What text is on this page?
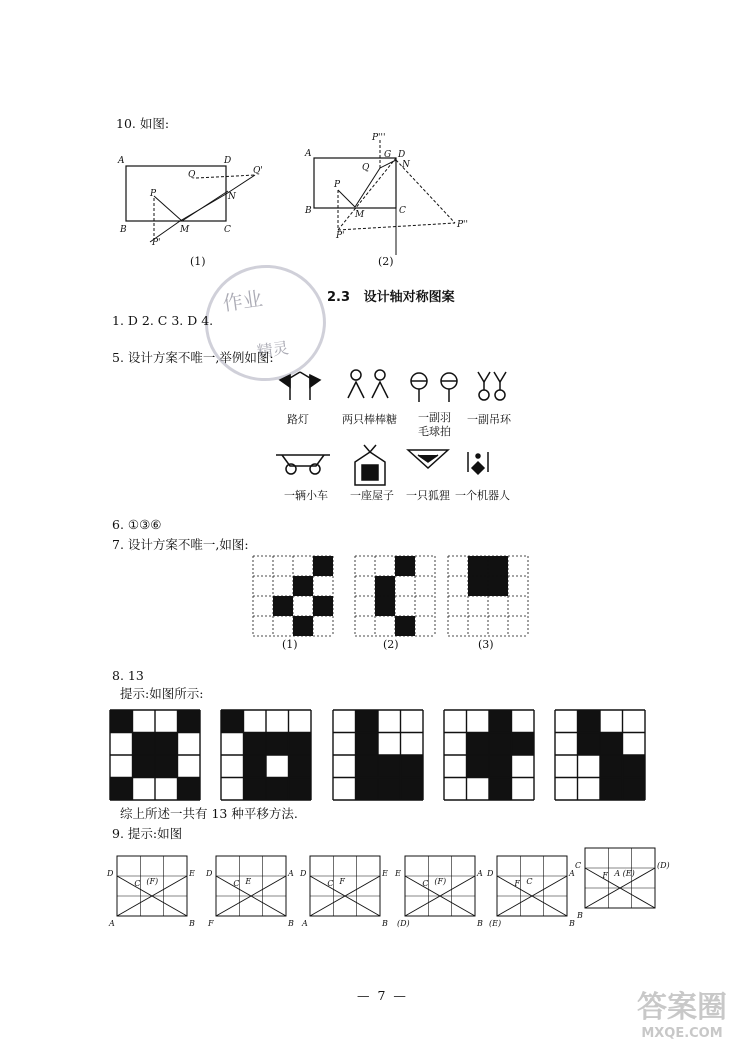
10. 如图:
A	D
Q'
Q
N
P
B	M	C
P'
(1)
P'''
A
Q
G D
N
P
B	M	C
P'
P''
(2)
作业
精灵
2.3 设计轴对称图案
1. D 2. C 3. D 4.
5. 设计方案不唯一,举例如图:
路灯	两只棒棒糖 一副羽
毛球拍
一副吊环
一辆小车 一座屋子 一只狐狸 一个机器人
6. ①③⑥
7. 设计方案不唯一,如图:
(1)	(2)	(3)
8. 13
提示:如图所示:
综上所述一共有 13 种平移方法.
9. 提示:如图
D
C (F)
E
A	B
D
C E
A
F	B
D
C F
E
A	B
E
C (F)
A
(D)	B
D
F C
A
(E)	B
C
F A (E)
(D)
B
— 7 —	答案圈
MXQE.COM
